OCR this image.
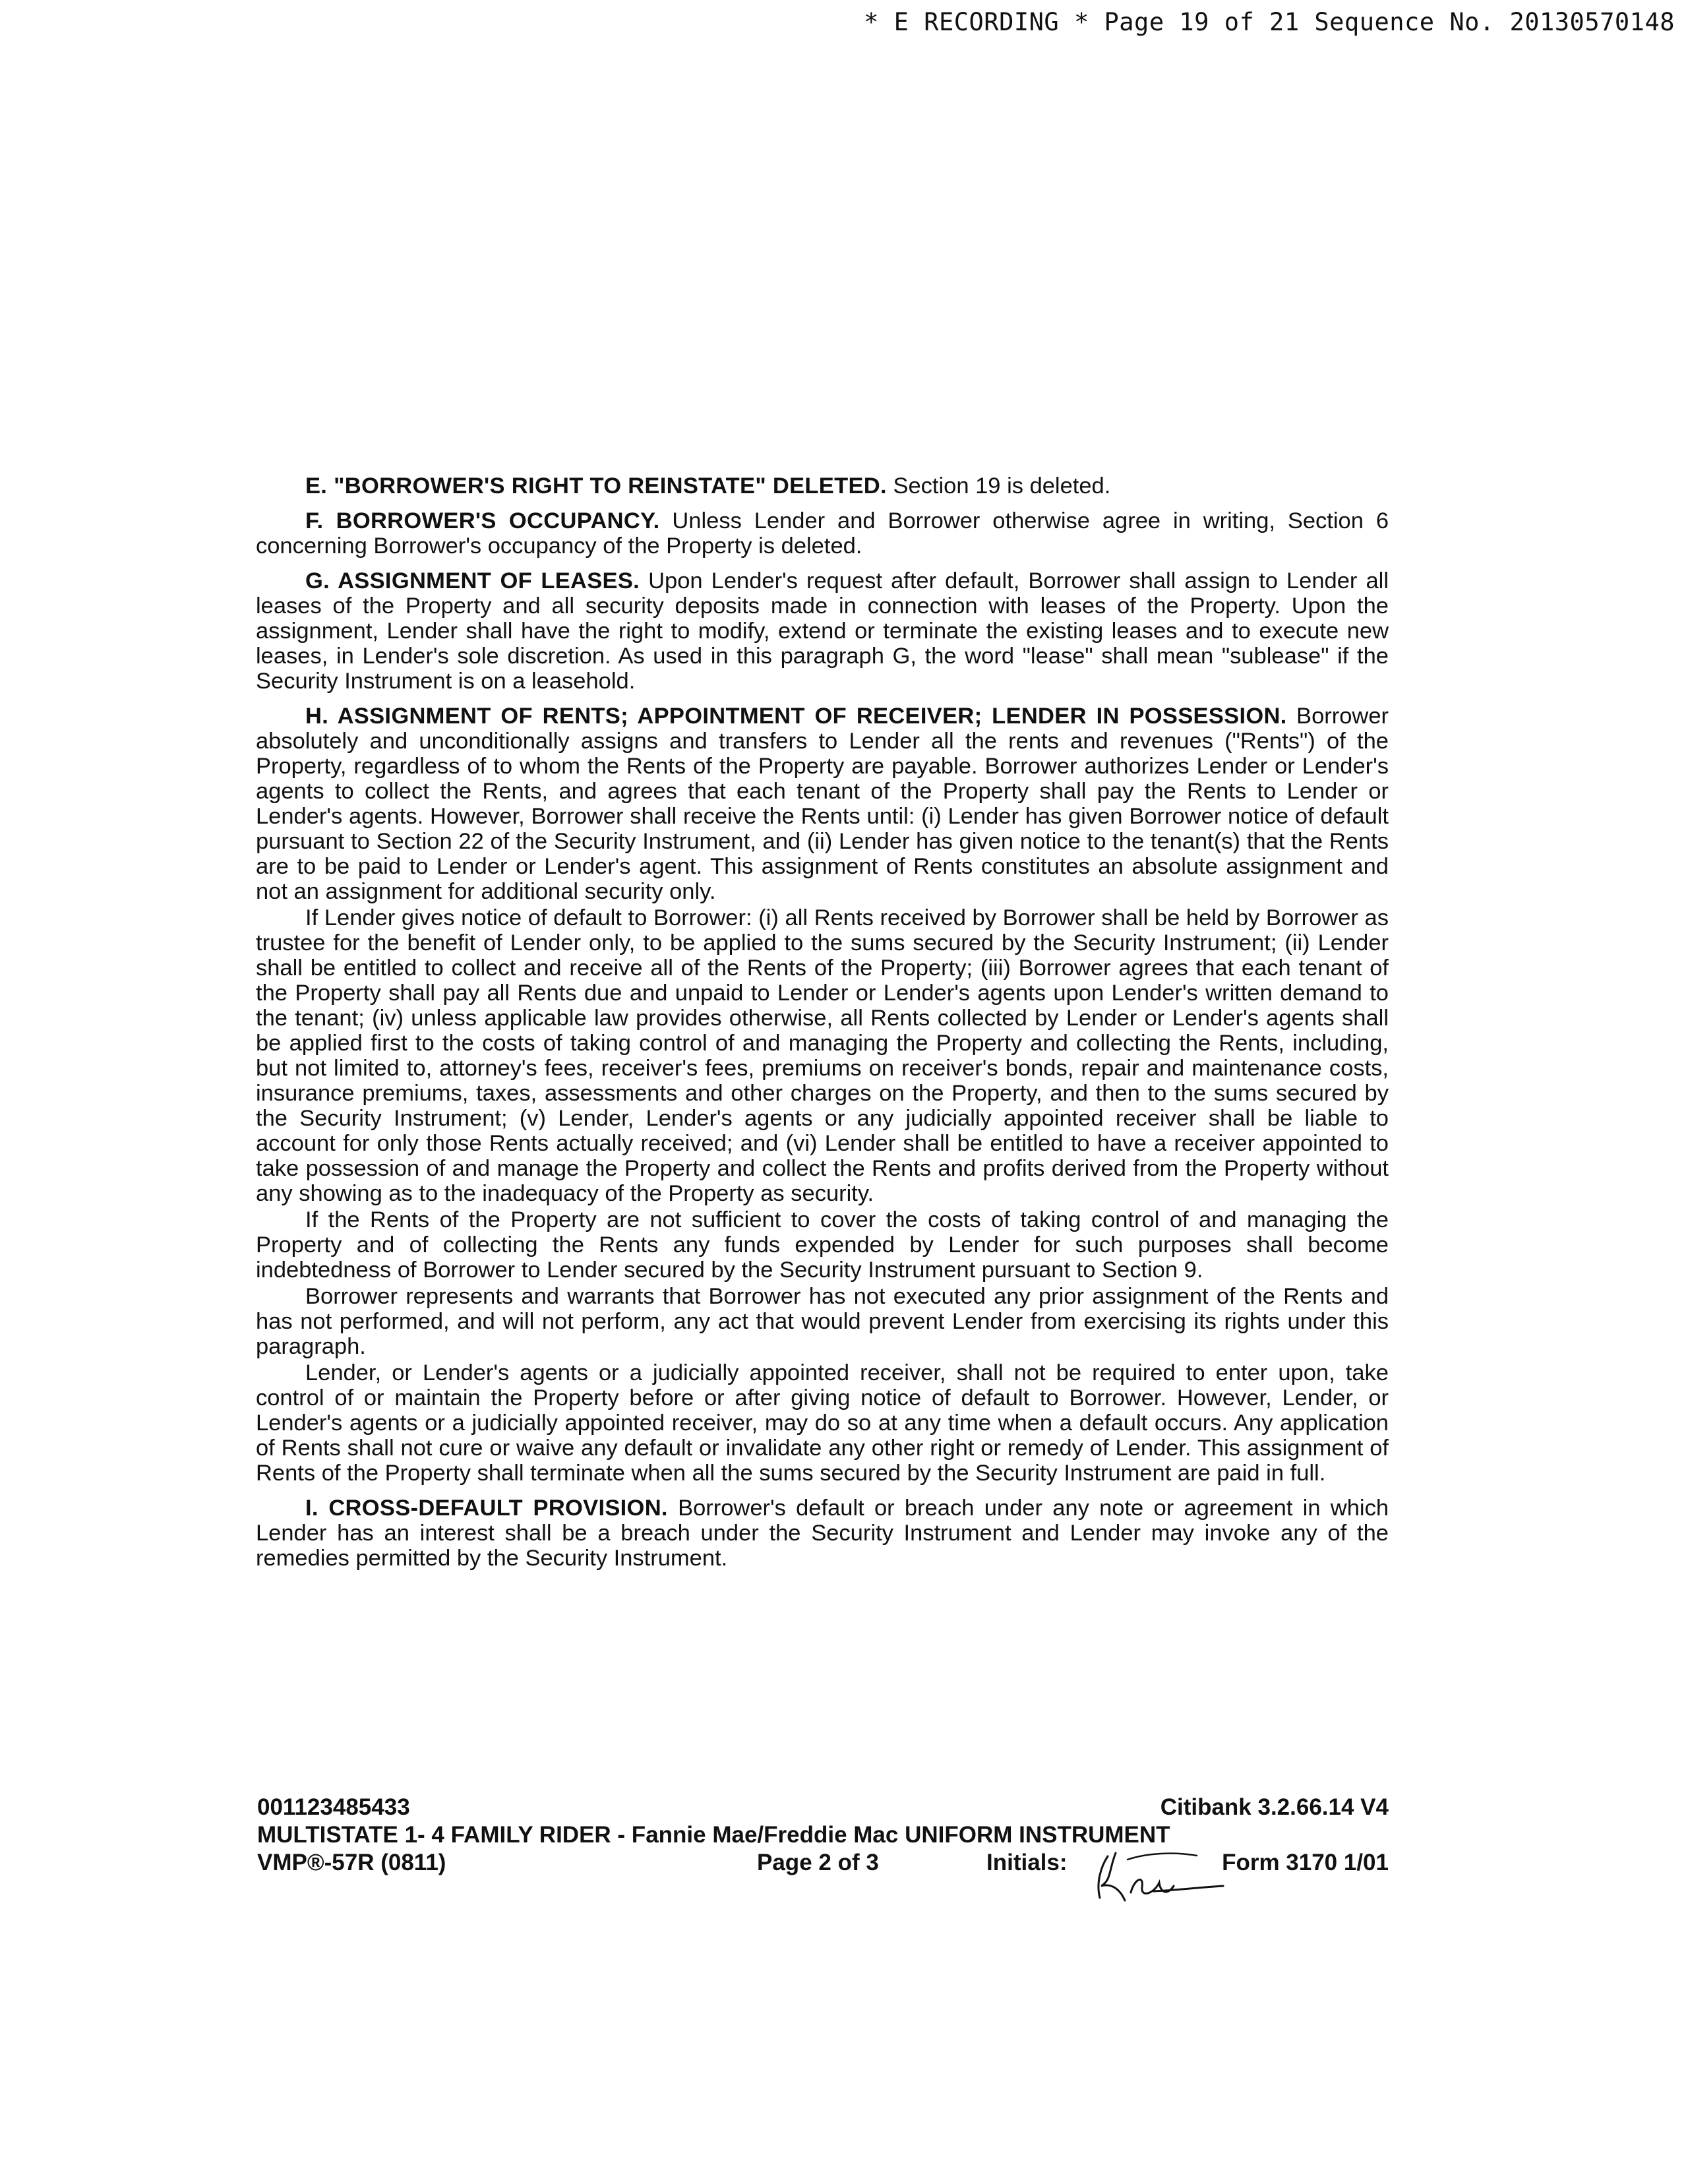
* E RECORDING * Page 19 of 21 Sequence No. 20130570148

E. "BORROWER'S RIGHT TO REINSTATE" DELETED. Section 19 is deleted.

F. BORROWER'S OCCUPANCY. Unless Lender and Borrower otherwise agree in writing, Section 6 concerning Borrower's occupancy of the Property is deleted.

G. ASSIGNMENT OF LEASES. Upon Lender's request after default, Borrower shall assign to Lender all leases of the Property and all security deposits made in connection with leases of the Property. Upon the assignment, Lender shall have the right to modify, extend or terminate the existing leases and to execute new leases, in Lender's sole discretion. As used in this paragraph G, the word "lease" shall mean "sublease" if the Security Instrument is on a leasehold.

H. ASSIGNMENT OF RENTS; APPOINTMENT OF RECEIVER; LENDER IN POSSESSION. Borrower absolutely and unconditionally assigns and transfers to Lender all the rents and revenues ("Rents") of the Property, regardless of to whom the Rents of the Property are payable. Borrower authorizes Lender or Lender's agents to collect the Rents, and agrees that each tenant of the Property shall pay the Rents to Lender or Lender's agents. However, Borrower shall receive the Rents until: (i) Lender has given Borrower notice of default pursuant to Section 22 of the Security Instrument, and (ii) Lender has given notice to the tenant(s) that the Rents are to be paid to Lender or Lender's agent. This assignment of Rents constitutes an absolute assignment and not an assignment for additional security only.

If Lender gives notice of default to Borrower: (i) all Rents received by Borrower shall be held by Borrower as trustee for the benefit of Lender only, to be applied to the sums secured by the Security Instrument; (ii) Lender shall be entitled to collect and receive all of the Rents of the Property; (iii) Borrower agrees that each tenant of the Property shall pay all Rents due and unpaid to Lender or Lender's agents upon Lender's written demand to the tenant; (iv) unless applicable law provides otherwise, all Rents collected by Lender or Lender's agents shall be applied first to the costs of taking control of and managing the Property and collecting the Rents, including, but not limited to, attorney's fees, receiver's fees, premiums on receiver's bonds, repair and maintenance costs, insurance premiums, taxes, assessments and other charges on the Property, and then to the sums secured by the Security Instrument; (v) Lender, Lender's agents or any judicially appointed receiver shall be liable to account for only those Rents actually received; and (vi) Lender shall be entitled to have a receiver appointed to take possession of and manage the Property and collect the Rents and profits derived from the Property without any showing as to the inadequacy of the Property as security.

If the Rents of the Property are not sufficient to cover the costs of taking control of and managing the Property and of collecting the Rents any funds expended by Lender for such purposes shall become indebtedness of Borrower to Lender secured by the Security Instrument pursuant to Section 9.

Borrower represents and warrants that Borrower has not executed any prior assignment of the Rents and has not performed, and will not perform, any act that would prevent Lender from exercising its rights under this paragraph.

Lender, or Lender's agents or a judicially appointed receiver, shall not be required to enter upon, take control of or maintain the Property before or after giving notice of default to Borrower. However, Lender, or Lender's agents or a judicially appointed receiver, may do so at any time when a default occurs. Any application of Rents shall not cure or waive any default or invalidate any other right or remedy of Lender. This assignment of Rents of the Property shall terminate when all the sums secured by the Security Instrument are paid in full.

I. CROSS-DEFAULT PROVISION. Borrower's default or breach under any note or agreement in which Lender has an interest shall be a breach under the Security Instrument and Lender may invoke any of the remedies permitted by the Security Instrument.

001123485433	Citibank 3.2.66.14 V4
MULTISTATE 1- 4 FAMILY RIDER - Fannie Mae/Freddie Mac UNIFORM INSTRUMENT
VMP®-57R (0811)	Page 2 of 3	Initials:	Form 3170 1/01
